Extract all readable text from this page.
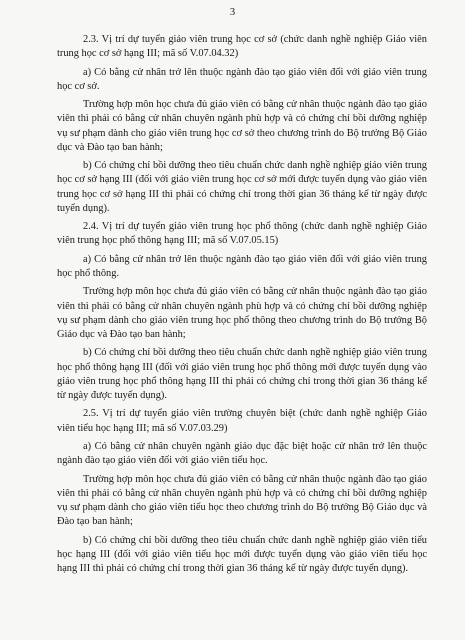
3

2.3. Vị trí dự tuyển giáo viên trung học cơ sở (chức danh nghề nghiệp Giáo viên trung học cơ sở hạng III; mã số V.07.04.32)

a) Có bằng cử nhân trở lên thuộc ngành đào tạo giáo viên đối với giáo viên trung học cơ sở.

Trường hợp môn học chưa đủ giáo viên có bằng cử nhân thuộc ngành đào tạo giáo viên thì phải có bằng cử nhân chuyên ngành phù hợp và có chứng chỉ bồi dưỡng nghiệp vụ sư phạm dành cho giáo viên trung học cơ sở theo chương trình do Bộ trưởng Bộ Giáo dục và Đào tạo ban hành;

b) Có chứng chỉ bồi dưỡng theo tiêu chuẩn chức danh nghề nghiệp giáo viên trung học cơ sở hạng III (đối với giáo viên trung học cơ sở mới được tuyển dụng vào giáo viên trung học cơ sở hạng III thì phải có chứng chỉ trong thời gian 36 tháng kể từ ngày được tuyển dụng).

2.4. Vị trí dự tuyển giáo viên trung học phổ thông (chức danh nghề nghiệp Giáo viên trung học phổ thông hạng III; mã số V.07.05.15)

a) Có bằng cử nhân trở lên thuộc ngành đào tạo giáo viên đối với giáo viên trung học phổ thông.

Trường hợp môn học chưa đủ giáo viên có bằng cử nhân thuộc ngành đào tạo giáo viên thì phải có bằng cử nhân chuyên ngành phù hợp và có chứng chỉ bồi dưỡng nghiệp vụ sư phạm dành cho giáo viên trung học phổ thông theo chương trình do Bộ trưởng Bộ Giáo dục và Đào tạo ban hành;

b) Có chứng chỉ bồi dưỡng theo tiêu chuẩn chức danh nghề nghiệp giáo viên trung học phổ thông hạng III (đối với giáo viên trung học phổ thông mới được tuyển dụng vào giáo viên trung học phổ thông hạng III thì phải có chứng chỉ trong thời gian 36 tháng kể từ ngày được tuyển dụng).

2.5. Vị trí dự tuyển giáo viên trường chuyên biệt (chức danh nghề nghiệp Giáo viên tiểu học hạng III; mã số V.07.03.29)

a) Có bằng cử nhân chuyên ngành giáo dục đặc biệt hoặc cử nhân trở lên thuộc ngành đào tạo giáo viên đối với giáo viên tiểu học.

Trường hợp môn học chưa đủ giáo viên có bằng cử nhân thuộc ngành đào tạo giáo viên thì phải có bằng cử nhân chuyên ngành phù hợp và có chứng chỉ bồi dưỡng nghiệp vụ sư phạm dành cho giáo viên tiểu học theo chương trình do Bộ trưởng Bộ Giáo dục và Đào tạo ban hành;

b) Có chứng chỉ bồi dưỡng theo tiêu chuẩn chức danh nghề nghiệp giáo viên tiểu học hạng III (đối với giáo viên tiểu học mới được tuyển dụng vào giáo viên tiểu học hạng III thì phải có chứng chỉ trong thời gian 36 tháng kể từ ngày được tuyển dụng).
